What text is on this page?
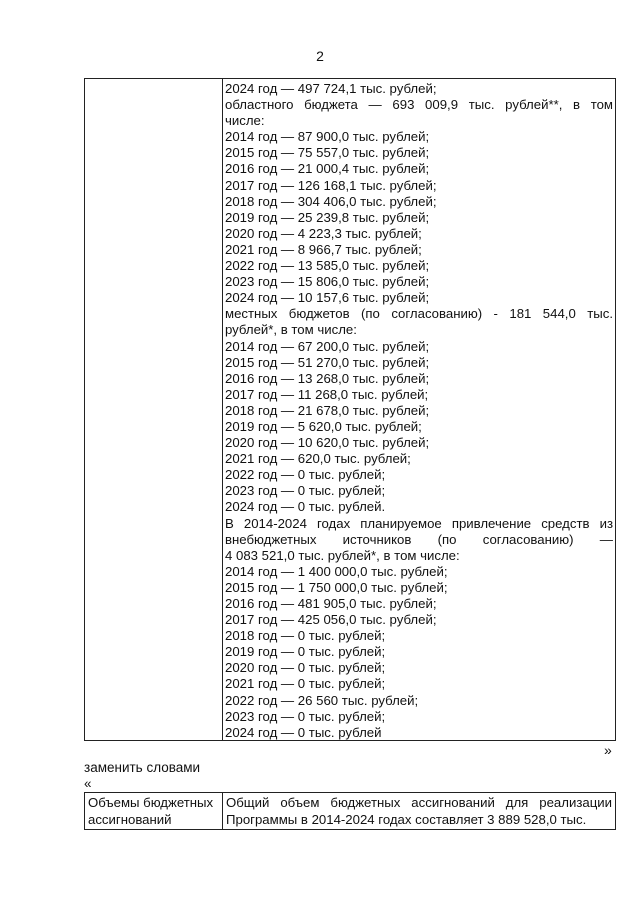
2
2024 год — 497 724,1 тыс. рублей;
областного бюджета — 693 009,9 тыс. рублей**, в том
числе:
2014 год — 87 900,0 тыс. рублей;
2015 год — 75 557,0 тыс. рублей;
2016 год — 21 000,4 тыс. рублей;
2017 год — 126 168,1 тыс. рублей;
2018 год — 304 406,0 тыс. рублей;
2019 год — 25 239,8 тыс. рублей;
2020 год — 4 223,3 тыс. рублей;
2021 год — 8 966,7 тыс. рублей;
2022 год — 13 585,0 тыс. рублей;
2023 год — 15 806,0 тыс. рублей;
2024 год — 10 157,6 тыс. рублей;
местных бюджетов (по согласованию) - 181 544,0 тыс.
рублей*, в том числе:
2014 год — 67 200,0 тыс. рублей;
2015 год — 51 270,0 тыс. рублей;
2016 год — 13 268,0 тыс. рублей;
2017 год — 11 268,0 тыс. рублей;
2018 год — 21 678,0 тыс. рублей;
2019 год — 5 620,0 тыс. рублей;
2020 год — 10 620,0 тыс. рублей;
2021 год — 620,0 тыс. рублей;
2022 год — 0 тыс. рублей;
2023 год — 0 тыс. рублей;
2024 год — 0 тыс. рублей.
В 2014-2024 годах планируемое привлечение средств из
внебюджетных источников (по согласованию) —
4 083 521,0 тыс. рублей*, в том числе:
2014 год — 1 400 000,0 тыс. рублей;
2015 год — 1 750 000,0 тыс. рублей;
2016 год — 481 905,0 тыс. рублей;
2017 год — 425 056,0 тыс. рублей;
2018 год — 0 тыс. рублей;
2019 год — 0 тыс. рублей;
2020 год — 0 тыс. рублей;
2021 год — 0 тыс. рублей;
2022 год — 26 560 тыс. рублей;
2023 год — 0 тыс. рублей;
2024 год — 0 тыс. рублей
»
заменить словами
«
Объемы бюджетных
ассигнований
Общий объем бюджетных ассигнований для реализации
Программы в 2014-2024 годах составляет 3 889 528,0 тыс.
